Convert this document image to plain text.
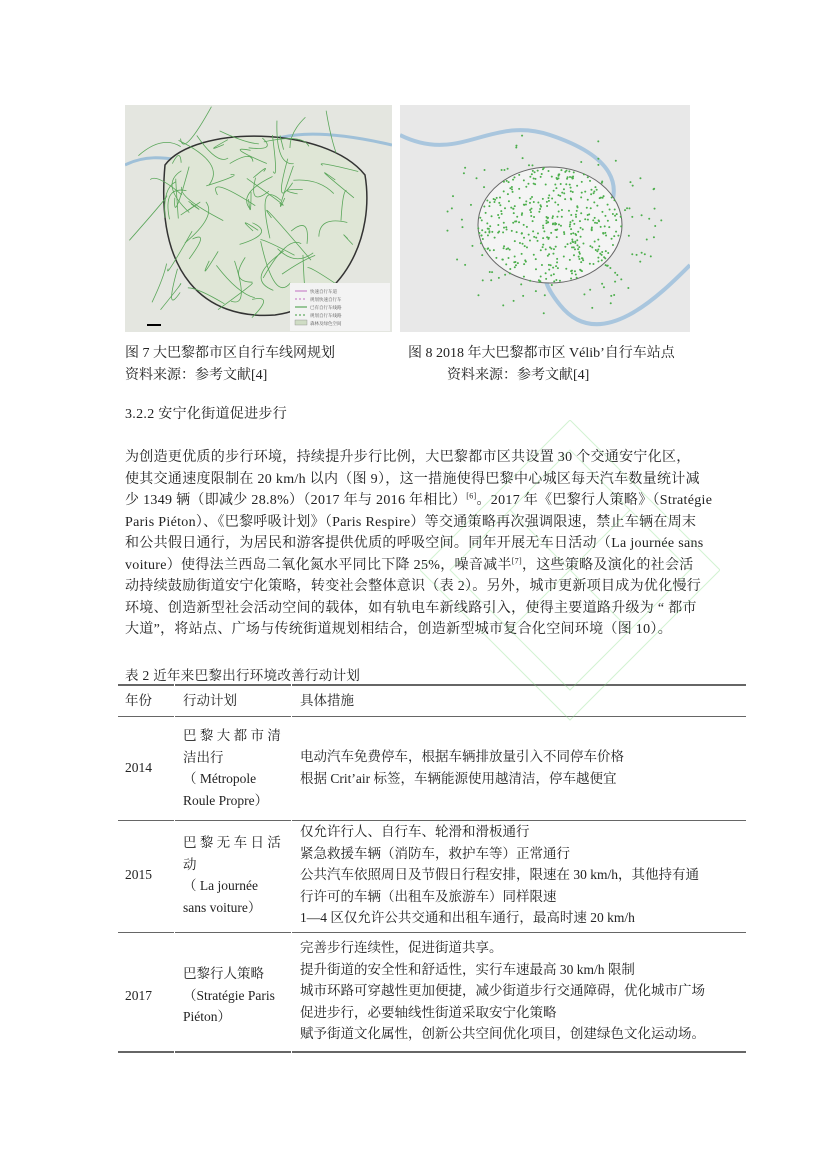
快速自行车道
规划快速自行车
已有自行车线路
规划自行车线路
森林及绿色空间
图 7 大巴黎都市区自行车线网规划
资料来源：参考文献[4]
图 8 2018 年大巴黎都市区 Vélib’自行车站点
资料来源：参考文献[4]
3.2.2 安宁化街道促进步行
为创造更优质的步行环境，持续提升步行比例，大巴黎都市区共设置 30 个交通安宁化区，
使其交通速度限制在 20 km/h 以内（图 9），这一措施使得巴黎中心城区每天汽车数量统计减
少 1349 辆（即减少 28.8%）（2017 年与 2016 年相比）[6]。2017 年《巴黎行人策略》（Stratégie
Paris Piéton）、《巴黎呼吸计划》（Paris Respire）等交通策略再次强调限速，禁止车辆在周末
和公共假日通行，为居民和游客提供优质的呼吸空间。同年开展无车日活动（La journée sans
voiture）使得法兰西岛二氧化氮水平同比下降 25%，噪音减半[7]，这些策略及演化的社会活
动持续鼓励街道安宁化策略，转变社会整体意识（表 2）。另外，城市更新项目成为优化慢行
环境、创造新型社会活动空间的载体，如有轨电车新线路引入，使得主要道路升级为 “ 都市
大道”，将站点、广场与传统街道规划相结合，创造新型城市复合化空间环境（图 10）。
表 2 近年来巴黎出行环境改善行动计划
年份 行动计划	具体措施
2014
巴 黎 大 都 市 清
洁出行
（ Métropole
Roule Propre）
电动汽车免费停车，根据车辆排放量引入不同停车价格
根据 Crit’air 标签，车辆能源使用越清洁，停车越便宜
2015
巴 黎 无 车 日 活
动
（ La journée
sans voiture）
仅允许行人、自行车、轮滑和滑板通行
紧急救援车辆（消防车，救护车等）正常通行
公共汽车依照周日及节假日行程安排，限速在 30 km/h，其他持有通
行许可的车辆（出租车及旅游车）同样限速
1—4 区仅允许公共交通和出租车通行，最高时速 20 km/h
2017
巴黎行人策略
（Stratégie Paris
Piéton）
完善步行连续性，促进街道共享。
提升街道的安全性和舒适性，实行车速最高 30 km/h 限制
城市环路可穿越性更加便捷，减少街道步行交通障碍，优化城市广场
促进步行，必要轴线性街道采取安宁化策略
赋予街道文化属性，创新公共空间优化项目，创建绿色文化运动场。
